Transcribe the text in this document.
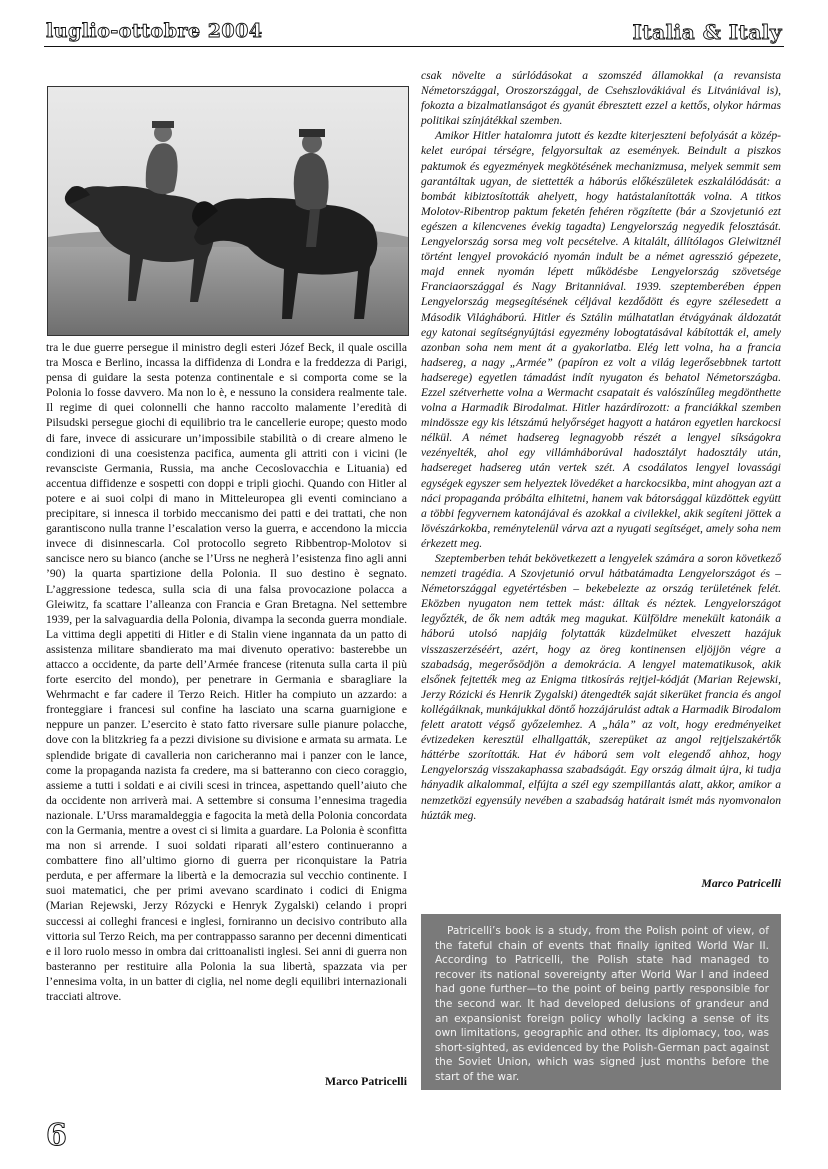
luglio-ottobre 2004	Italia & Italy

tra le due guerre persegue il ministro degli esteri Józef Beck, il quale oscilla tra Mosca e Berlino, incassa la diffidenza di Londra e la freddezza di Parigi, pensa di guidare la sesta potenza continentale e si comporta come se la Polonia lo fosse davvero. Ma non lo è, e nessuno la considera realmente tale. Il regime di quei colonnelli che hanno raccolto malamente l’eredità di Pilsudski persegue giochi di equilibrio tra le cancellerie europe; questo modo di fare, invece di assicurare un’impossibile stabilità o di creare almeno le condizioni di una coesistenza pacifica, aumenta gli attriti con i vicini (le revansciste Germania, Russia, ma anche Cecoslovacchia e Lituania) ed accentua diffidenze e sospetti con doppi e tripli giochi. Quando con Hitler al potere e ai suoi colpi di mano in Mitteleuropea gli eventi cominciano a precipitare, si innesca il torbido meccanismo dei patti e dei trattati, che non garantiscono nulla tranne l’escalation verso la guerra, e accendono la miccia invece di disinnescarla. Col protocollo segreto Ribbentrop-Molotov si sancisce nero su bianco (anche se l’Urss ne negherà l’esistenza fino agli anni ’90) la quarta spartizione della Polonia. Il suo destino è segnato. L’aggressione tedesca, sulla scia di una falsa provocazione polacca a Gleiwitz, fa scattare l’alleanza con Francia e Gran Bretagna. Nel settembre 1939, per la salvaguardia della Polonia, divampa la seconda guerra mondiale. La vittima degli appetiti di Hitler e di Stalin viene ingannata da un patto di assistenza militare sbandierato ma mai divenuto operativo: basterebbe un attacco a occidente, da parte dell’Armée francese (ritenuta sulla carta il più forte esercito del mondo), per penetrare in Germania e sbaragliare la Wehrmacht e far cadere il Terzo Reich. Hitler ha compiuto un azzardo: a fronteggiare i francesi sul confine ha lasciato una scarna guarnigione e neppure un panzer. L’esercito è stato fatto riversare sulle pianure polacche, dove con la blitzkrieg fa a pezzi divisione su divisione e armata su armata. Le splendide brigate di cavalleria non caricheranno mai i panzer con le lance, come la propaganda nazista fa credere, ma si batteranno con cieco coraggio, assieme a tutti i soldati e ai civili scesi in trincea, aspettando quell’aiuto che da occidente non arriverà mai. A settembre si consuma l’ennesima tragedia nazionale. L’Urss maramaldeggia e fagocita la metà della Polonia concordata con la Germania, mentre a ovest ci si limita a guardare. La Polonia è sconfitta ma non si arrende. I suoi soldati riparati all’estero continueranno a combattere fino all’ultimo giorno di guerra per riconquistare la Patria perduta, e per affermare la libertà e la democrazia sul vecchio continente. I suoi matematici, che per primi avevano scardinato i codici di Enigma (Marian Rejewski, Jerzy Rózycki e Henryk Zygalski) celando i propri successi ai colleghi francesi e inglesi, forniranno un decisivo contributo alla vittoria sul Terzo Reich, ma per contrappasso saranno per decenni dimenticati e il loro ruolo messo in ombra dai crittoanalisti inglesi. Sei anni di guerra non basteranno per restituire alla Polonia la sua libertà, spazzata via per l’ennesima volta, in un batter di ciglia, nel nome degli equilibri internazionali tracciati altrove.

Marco Patricelli

csak növelte a súrlódásokat a szomszéd államokkal (a revansista Németországgal, Oroszországgal, de Csehszlovákiával és Litvániával is), fokozta a bizalmatlanságot és gyanút ébresztett ezzel a kettős, olykor hármas politikai színjátékkal szemben.

Amikor Hitler hatalomra jutott és kezdte kiterjeszteni befolyását a közép-kelet európai térségre, felgyorsultak az események. Beindult a piszkos paktumok és egyezmények megkötésének mechanizmusa, melyek semmit sem garantáltak ugyan, de siettették a háborús előkészületek eszkalálódását: a bombát kibiztosították ahelyett, hogy hatástalanították volna. A titkos Molotov-Ribentrop paktum feketén fehéren rögzítette (bár a Szovjetunió ezt egészen a kilencvenes évekig tagadta) Lengyelország negyedik felosztását. Lengyelország sorsa meg volt pecsételve. A kitalált, állítólagos Gleiwitznél történt lengyel provokáció nyomán indult be a német agresszió gépezete, majd ennek nyomán lépett működésbe Lengyelország szövetsége Franciaországgal és Nagy Britanniával. 1939. szeptemberében éppen Lengyelország megsegítésének céljával kezdődött és egyre szélesedett a Második Világháború. Hitler és Sztálin múlhatatlan étvágyának áldozatát egy katonai segítségnyújtási egyezmény lobogtatásával kábították el, amely azonban soha nem ment át a gyakorlatba. Elég lett volna, ha a francia hadsereg, a nagy „Armée” (papíron ez volt a világ legerősebbnek tartott hadserege) egyetlen támadást indít nyugaton és behatol Németországba. Ezzel szétverhette volna a Wermacht csapatait és valószínűleg megdönthette volna a Harmadik Birodalmat. Hitler hazárdírozott: a franciákkal szemben mindössze egy kis létszámú helyőrséget hagyott a határon egyetlen harckocsi nélkül. A német hadsereg legnagyobb részét a lengyel síkságokra vezényelték, ahol egy villámháborúval hadosztályt hadosztály után, hadsereget hadsereg után vertek szét. A csodálatos lengyel lovassági egységek egyszer sem helyeztek lövedéket a harckocsikba, mint ahogyan azt a náci propaganda próbálta elhitetni, hanem vak bátorsággal küzdöttek együtt a többi fegyvernem katonájával és azokkal a civilekkel, akik segíteni jöttek a lövészárkokba, reménytelenül várva azt a nyugati segítséget, amely soha nem érkezett meg.

Szeptemberben tehát bekövetkezett a lengyelek számára a soron következő nemzeti tragédia. A Szovjetunió orvul hátbatámadta Lengyelországot és – Németországgal egyetértésben – bekebelezte az ország területének felét. Eközben nyugaton nem tettek mást: álltak és néztek. Lengyelországot legyőzték, de ők nem adták meg magukat. Külföldre menekült katonáik a háború utolsó napjáig folytatták küzdelmüket elveszett hazájuk visszaszerzéséért, azért, hogy az öreg kontinensen eljöjjön végre a szabadság, megerősödjön a demokrácia. A lengyel matematikusok, akik elsőnek fejtették meg az Enigma titkosírás rejtjel-kódját (Marian Rejewski, Jerzy Rózicki és Henrik Zygalski) átengedték saját sikerüket francia és angol kollégáiknak, munkájukkal döntő hozzájárulást adtak a Harmadik Birodalom felett aratott végső győzelemhez. A „hála” az volt, hogy eredményeiket évtizedeken keresztül elhallgatták, szerepüket az angol rejtjelszakértők háttérbe szorították. Hat év háború sem volt elegendő ahhoz, hogy Lengyelország visszakaphassa szabadságát. Egy ország álmait újra, ki tudja hányadik alkalommal, elfújta a szél egy szempillantás alatt, akkor, amikor a nemzetközi egyensúly nevében a szabadság határait ismét más nyomvonalon húzták meg.

Marco Patricelli
Patricelli’s book is a study, from the Polish point of view, of the fateful chain of events that finally ignited World War II. According to Patricelli, the Polish state had managed to recover its national sovereignty after World War I and indeed had gone further—to the point of being partly responsible for the second war. It had developed delusions of grandeur and an expansionist foreign policy wholly lacking a sense of its own limitations, geographic and other. Its diplomacy, too, was short-sighted, as evidenced by the Polish-German pact against the Soviet Union, which was signed just months before the start of the war.
6
